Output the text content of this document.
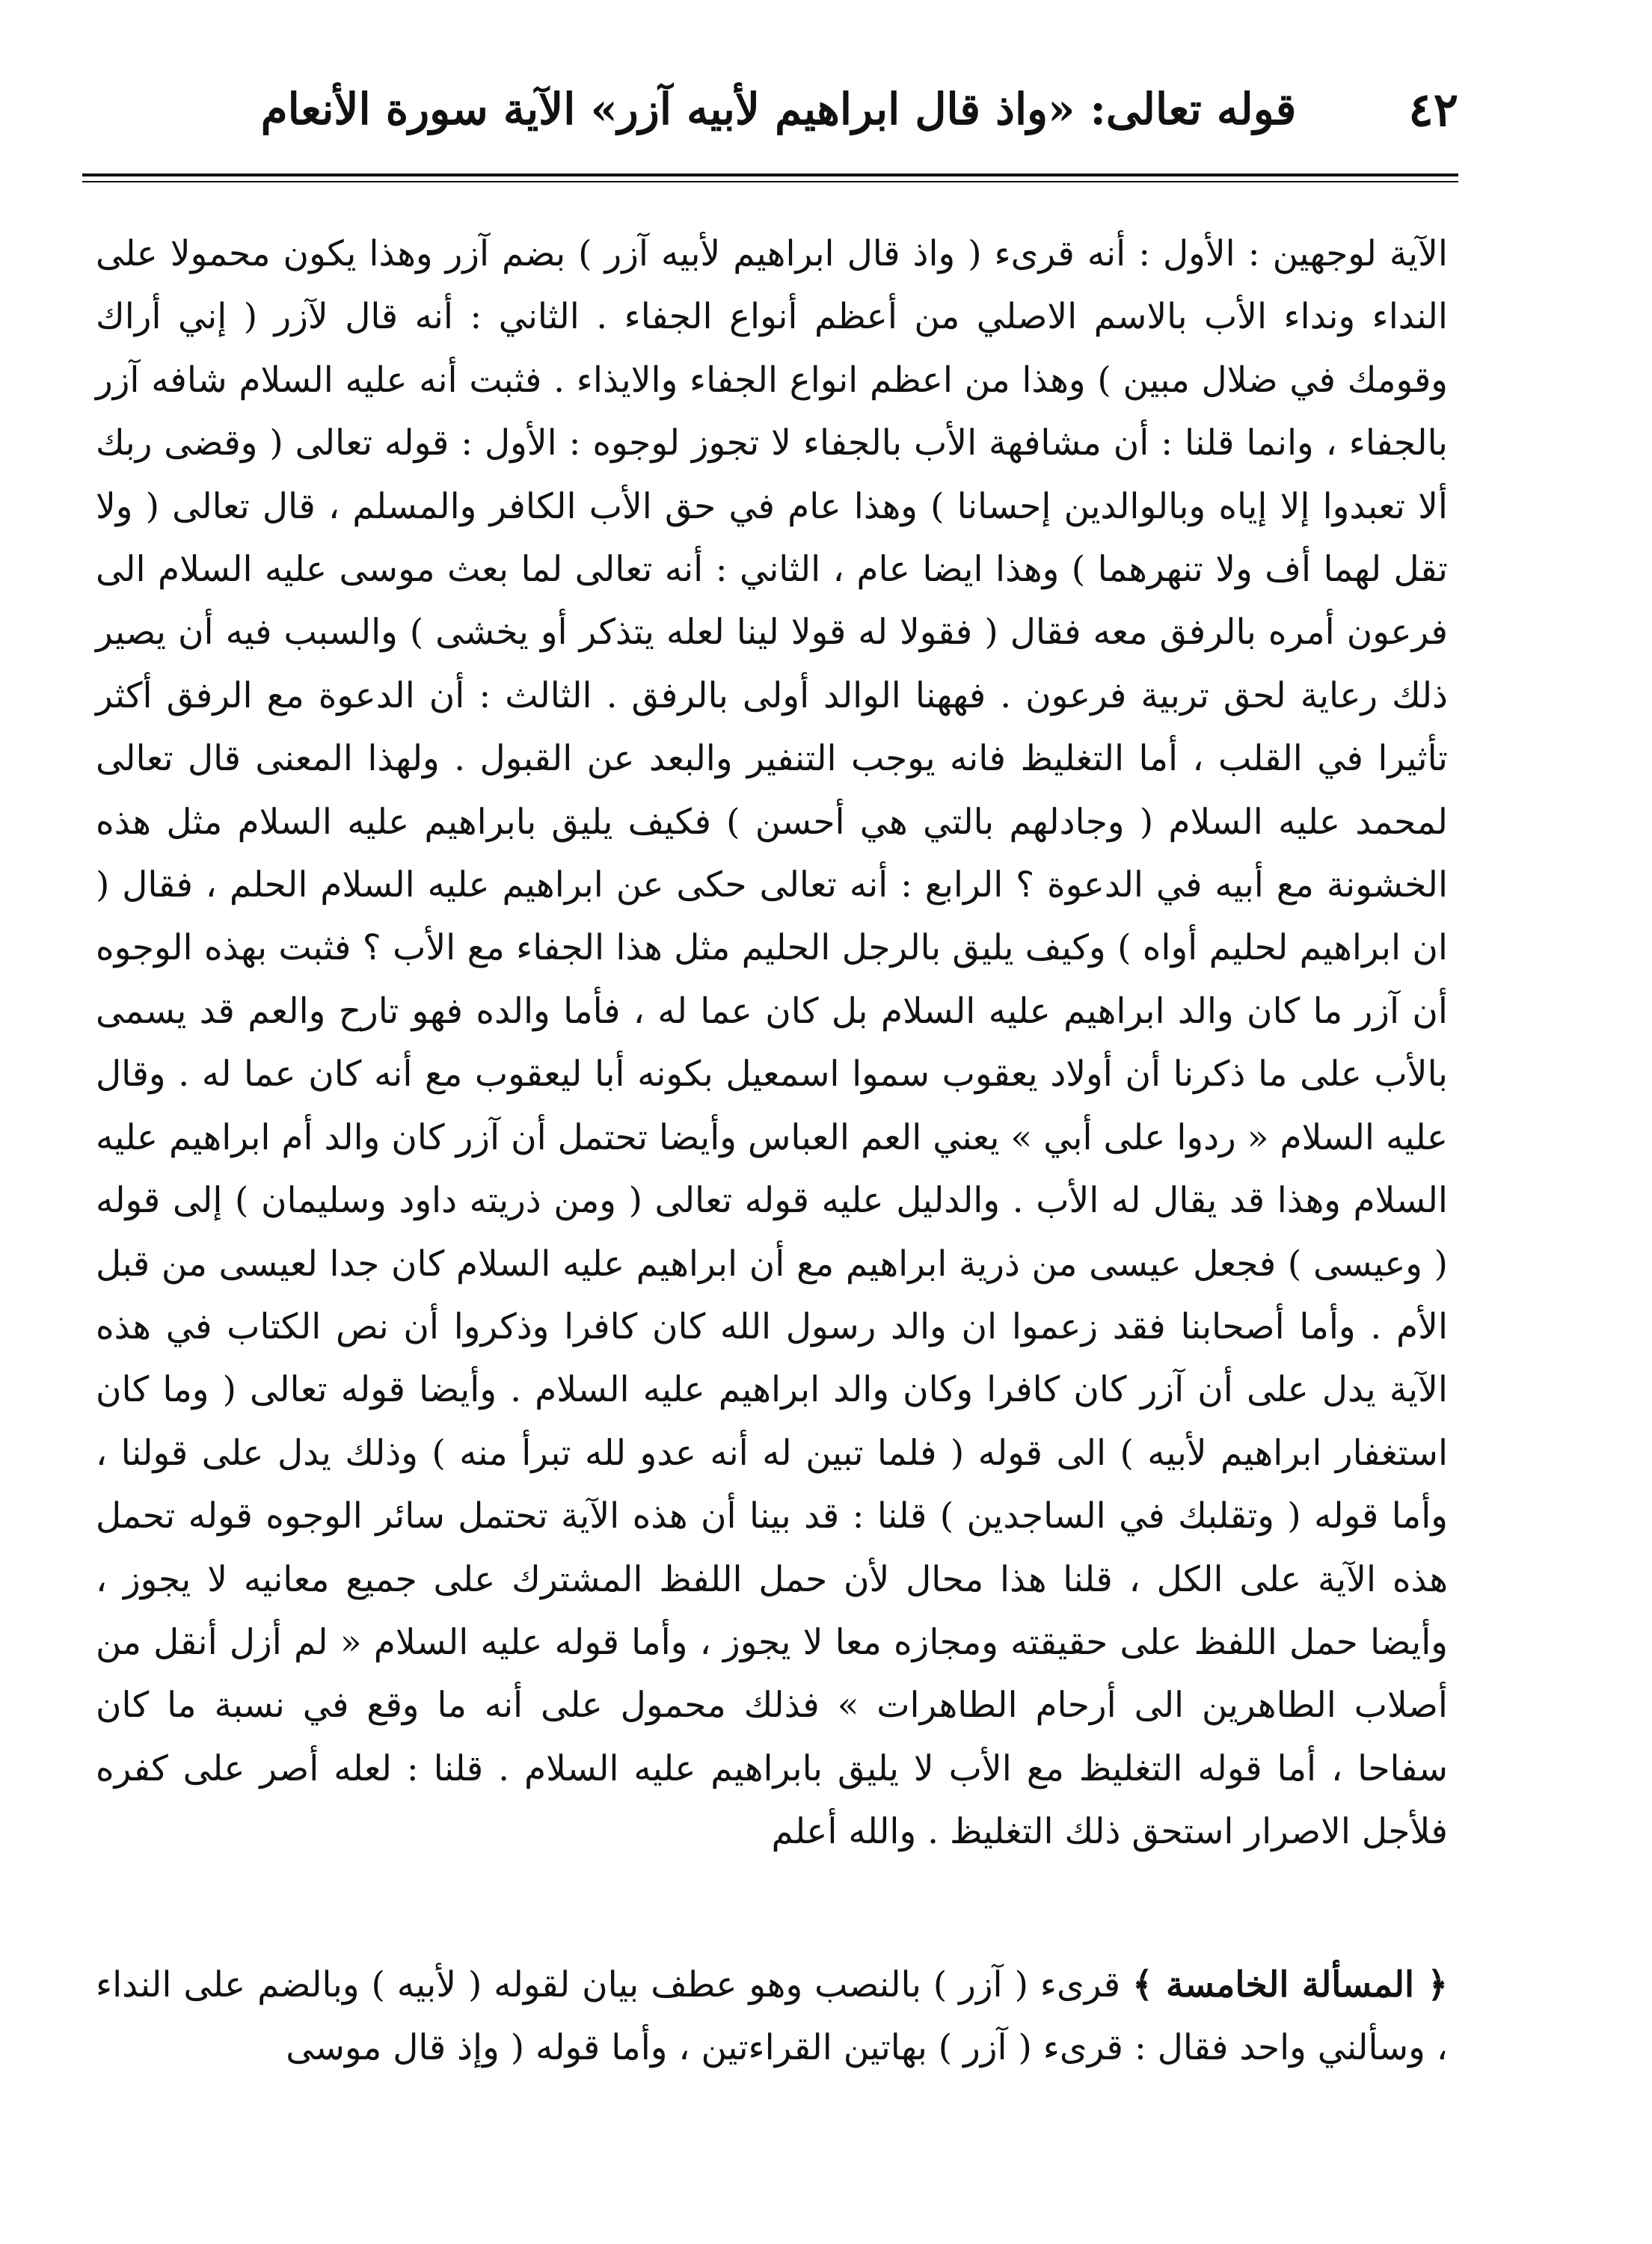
٤٢
قوله تعالى: «واذ قال ابراهيم لأبيه آزر» الآية سورة الأنعام

الآية لوجهين : الأول : أنه قرىء ( واذ قال ابراهيم لأبيه آزر ) بضم آزر وهذا يكون محمولا على النداء ونداء الأب بالاسم الاصلي من أعظم أنواع الجفاء . الثاني : أنه قال لآزر ( إني أراك وقومك في ضلال مبين ) وهذا من اعظم انواع الجفاء والايذاء . فثبت أنه عليه السلام شافه آزر بالجفاء ، وانما قلنا : أن مشافهة الأب بالجفاء لا تجوز لوجوه : الأول : قوله تعالى ( وقضى ربك ألا تعبدوا إلا إياه وبالوالدين إحسانا ) وهذا عام في حق الأب الكافر والمسلم ، قال تعالى ( ولا تقل لهما أف ولا تنهرهما ) وهذا ايضا عام ، الثاني : أنه تعالى لما بعث موسى عليه السلام الى فرعون أمره بالرفق معه فقال ( فقولا له قولا لينا لعله يتذكر أو يخشى ) والسبب فيه أن يصير ذلك رعاية لحق تربية فرعون . فههنا الوالد أولى بالرفق . الثالث : أن الدعوة مع الرفق أكثر تأثيرا في القلب ، أما التغليظ فانه يوجب التنفير والبعد عن القبول . ولهذا المعنى قال تعالى لمحمد عليه السلام ( وجادلهم بالتي هي أحسن ) فكيف يليق بابراهيم عليه السلام مثل هذه الخشونة مع أبيه في الدعوة ؟ الرابع : أنه تعالى حكى عن ابراهيم عليه السلام الحلم ، فقال ( ان ابراهيم لحليم أواه ) وكيف يليق بالرجل الحليم مثل هذا الجفاء مع الأب ؟ فثبت بهذه الوجوه أن آزر ما كان والد ابراهيم عليه السلام بل كان عما له ، فأما والده فهو تارح والعم قد يسمى بالأب على ما ذكرنا أن أولاد يعقوب سموا اسمعيل بكونه أبا ليعقوب مع أنه كان عما له . وقال عليه السلام « ردوا على أبي » يعني العم العباس وأيضا تحتمل أن آزر كان والد أم ابراهيم عليه السلام وهذا قد يقال له الأب . والدليل عليه قوله تعالى ( ومن ذريته داود وسليمان ) إلى قوله ( وعيسى ) فجعل عيسى من ذرية ابراهيم مع أن ابراهيم عليه السلام كان جدا لعيسى من قبل الأم . وأما أصحابنا فقد زعموا ان والد رسول الله كان كافرا وذكروا أن نص الكتاب في هذه الآية يدل على أن آزر كان كافرا وكان والد ابراهيم عليه السلام . وأيضا قوله تعالى ( وما كان استغفار ابراهيم لأبيه ) الى قوله ( فلما تبين له أنه عدو لله تبرأ منه ) وذلك يدل على قولنا ، وأما قوله ( وتقلبك في الساجدين ) قلنا : قد بينا أن هذه الآية تحتمل سائر الوجوه قوله تحمل هذه الآية على الكل ، قلنا هذا محال لأن حمل اللفظ المشترك على جميع معانيه لا يجوز ، وأيضا حمل اللفظ على حقيقته ومجازه معا لا يجوز ، وأما قوله عليه السلام « لم أزل أنقل من أصلاب الطاهرين الى أرحام الطاهرات » فذلك محمول على أنه ما وقع في نسبة ما كان سفاحا ، أما قوله التغليظ مع الأب لا يليق بابراهيم عليه السلام . قلنا : لعله أصر على كفره فلأجل الاصرار استحق ذلك التغليظ . والله أعلم

﴿ المسألة الخامسة ﴾ قرىء ( آزر ) بالنصب وهو عطف بيان لقوله ( لأبيه ) وبالضم على النداء ، وسألني واحد فقال : قرىء ( آزر ) بهاتين القراءتين ، وأما قوله ( وإذ قال موسى
